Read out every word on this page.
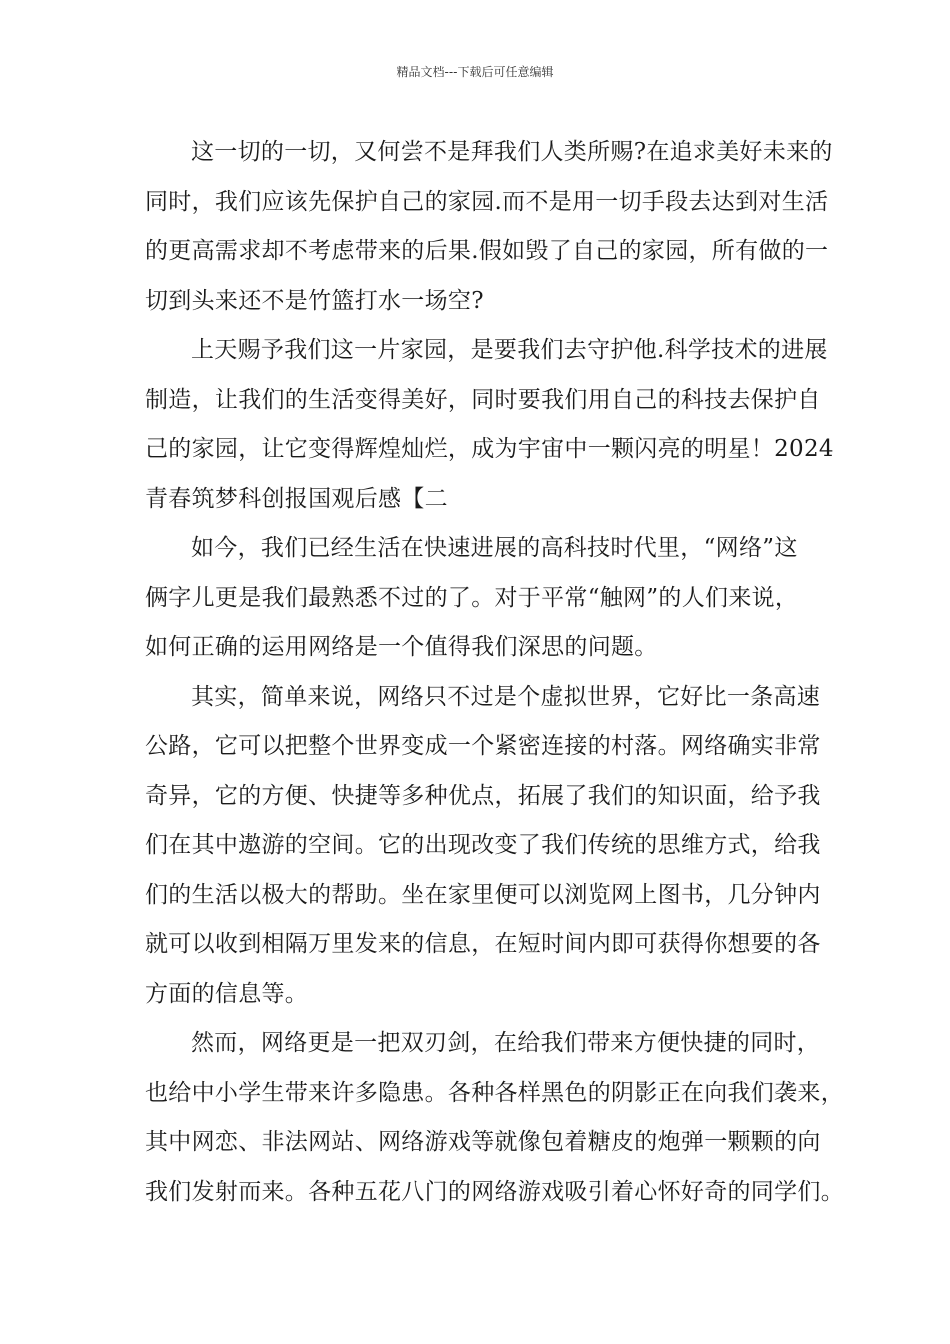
精品文档---下载后可任意编辑

这一切的一切，又何尝不是拜我们人类所赐?在追求美好未来的
同时，我们应该先保护自己的家园.而不是用一切手段去达到对生活
的更高需求却不考虑带来的后果.假如毁了自己的家园，所有做的一
切到头来还不是竹篮打水一场空?

上天赐予我们这一片家园，是要我们去守护他.科学技术的进展
制造，让我们的生活变得美好，同时要我们用自己的科技去保护自
己的家园，让它变得辉煌灿烂，成为宇宙中一颗闪亮的明星！2024
青春筑梦科创报国观后感【二

如今，我们已经生活在快速进展的高科技时代里，“网络”这
俩字儿更是我们最熟悉不过的了。对于平常“触网”的人们来说，
如何正确的运用网络是一个值得我们深思的问题。

其实，简单来说，网络只不过是个虚拟世界，它好比一条高速
公路，它可以把整个世界变成一个紧密连接的村落。网络确实非常
奇异，它的方便、快捷等多种优点，拓展了我们的知识面，给予我
们在其中遨游的空间。它的出现改变了我们传统的思维方式，给我
们的生活以极大的帮助。坐在家里便可以浏览网上图书，几分钟内
就可以收到相隔万里发来的信息，在短时间内即可获得你想要的各
方面的信息等。

然而，网络更是一把双刃剑，在给我们带来方便快捷的同时，
也给中小学生带来许多隐患。各种各样黑色的阴影正在向我们袭来，
其中网恋、非法网站、网络游戏等就像包着糖皮的炮弹一颗颗的向
我们发射而来。各种五花八门的网络游戏吸引着心怀好奇的同学们。
